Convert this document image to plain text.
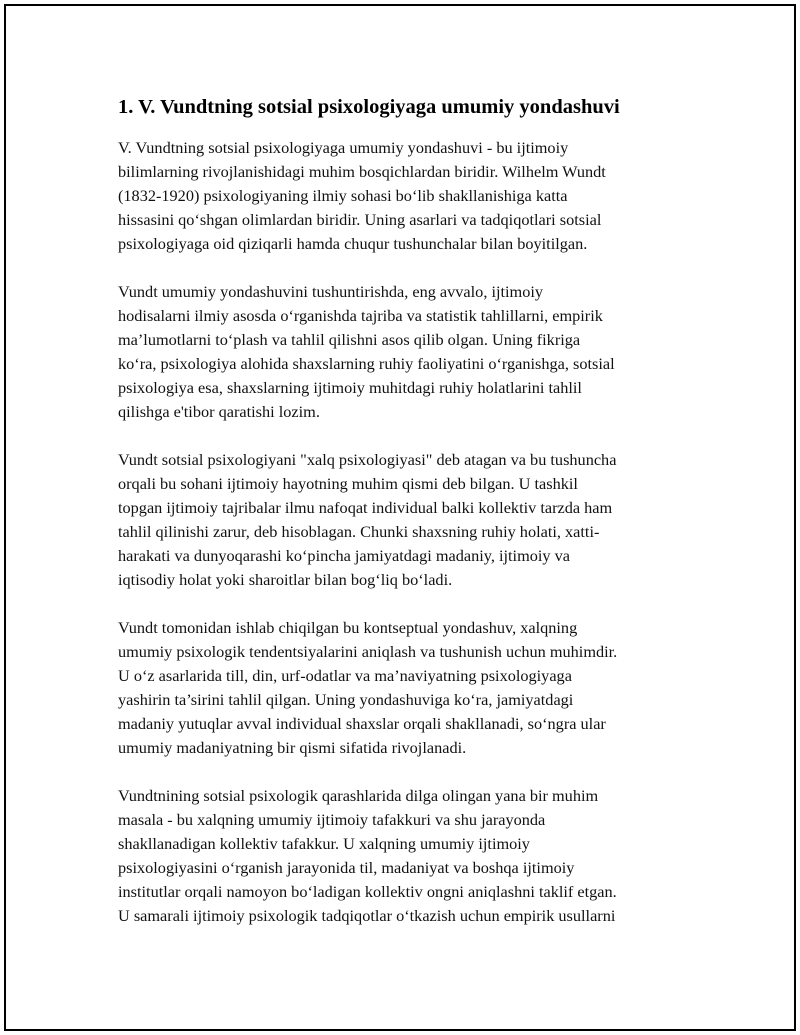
1. V. Vundtning sotsial psixologiyaga umumiy yondashuvi
V. Vundtning sotsial psixologiyaga umumiy yondashuvi - bu ijtimoiy
bilimlarning rivojlanishidagi muhim bosqichlardan biridir. Wilhelm Wundt
(1832-1920) psixologiyaning ilmiy sohasi bo‘lib shakllanishiga katta
hissasini qo‘shgan olimlardan biridir. Uning asarlari va tadqiqotlari sotsial
psixologiyaga oid qiziqarli hamda chuqur tushunchalar bilan boyitilgan.
Vundt umumiy yondashuvini tushuntirishda, eng avvalo, ijtimoiy
hodisalarni ilmiy asosda o‘rganishda tajriba va statistik tahlillarni, empirik
ma’lumotlarni to‘plash va tahlil qilishni asos qilib olgan. Uning fikriga
ko‘ra, psixologiya alohida shaxslarning ruhiy faoliyatini o‘rganishga, sotsial
psixologiya esa, shaxslarning ijtimoiy muhitdagi ruhiy holatlarini tahlil
qilishga e'tibor qaratishi lozim.
Vundt sotsial psixologiyani "xalq psixologiyasi" deb atagan va bu tushuncha
orqali bu sohani ijtimoiy hayotning muhim qismi deb bilgan. U tashkil
topgan ijtimoiy tajribalar ilmu nafoqat individual balki kollektiv tarzda ham
tahlil qilinishi zarur, deb hisoblagan. Chunki shaxsning ruhiy holati, xatti-
harakati va dunyoqarashi ko‘pincha jamiyatdagi madaniy, ijtimoiy va
iqtisodiy holat yoki sharoitlar bilan bog‘liq bo‘ladi.
Vundt tomonidan ishlab chiqilgan bu kontseptual yondashuv, xalqning
umumiy psixologik tendentsiyalarini aniqlash va tushunish uchun muhimdir.
U o‘z asarlarida till, din, urf-odatlar va ma’naviyatning psixologiyaga
yashirin ta’sirini tahlil qilgan. Uning yondashuviga ko‘ra, jamiyatdagi
madaniy yutuqlar avval individual shaxslar orqali shakllanadi, so‘ngra ular
umumiy madaniyatning bir qismi sifatida rivojlanadi.
Vundtnining sotsial psixologik qarashlarida dilga olingan yana bir muhim
masala - bu xalqning umumiy ijtimoiy tafakkuri va shu jarayonda
shakllanadigan kollektiv tafakkur. U xalqning umumiy ijtimoiy
psixologiyasini o‘rganish jarayonida til, madaniyat va boshqa ijtimoiy
institutlar orqali namoyon bo‘ladigan kollektiv ongni aniqlashni taklif etgan.
U samarali ijtimoiy psixologik tadqiqotlar o‘tkazish uchun empirik usullarni
